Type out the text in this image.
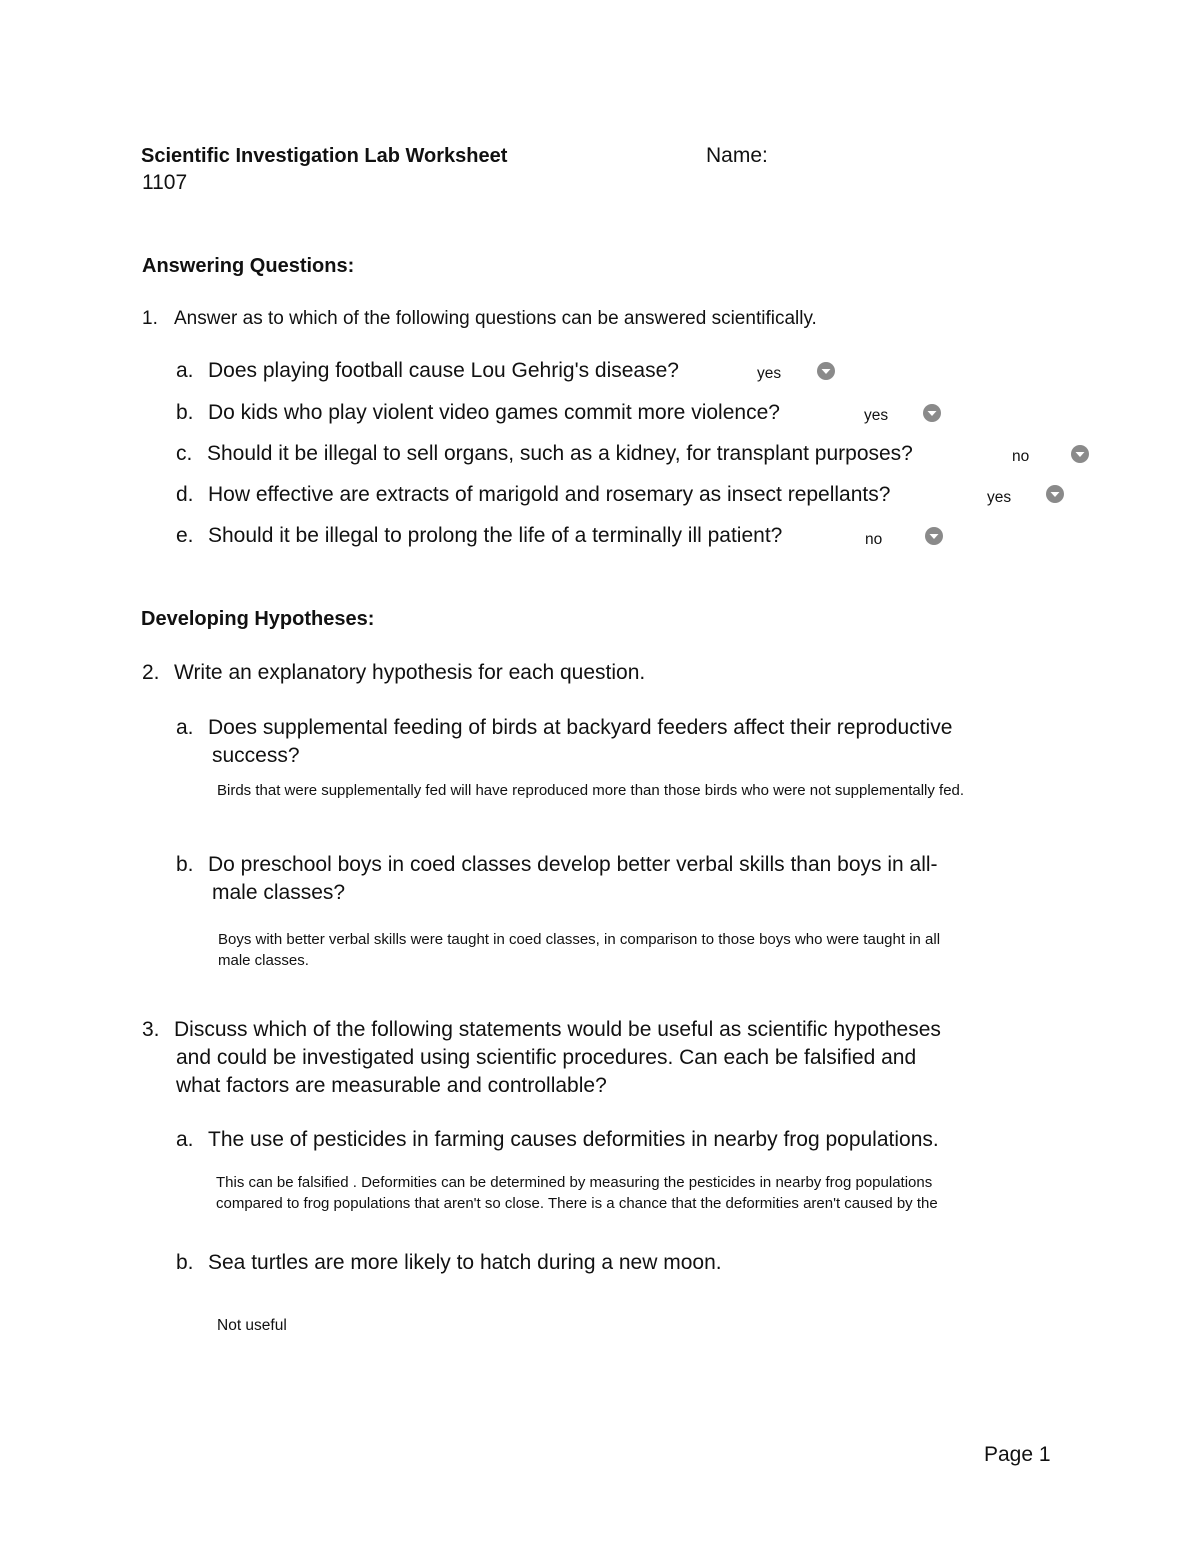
Scientific Investigation Lab Worksheet	Name:
1107
Answering Questions:
1. Answer as to which of the following questions can be answered scientifically.
a. Does playing football cause Lou Gehrig's disease?	yes
b. Do kids who play violent video games commit more violence?	yes
c. Should it be illegal to sell organs, such as a kidney, for transplant purposes?	no
d. How effective are extracts of marigold and rosemary as insect repellants?	yes
e. Should it be illegal to prolong the life of a terminally ill patient?	no
Developing Hypotheses:
2. Write an explanatory hypothesis for each question.
a. Does supplemental feeding of birds at backyard feeders affect their reproductive
success?
Birds that were supplementally fed will have reproduced more than those birds who were not supplementally fed.
b. Do preschool boys in coed classes develop better verbal skills than boys in all-
male classes?
Boys with better verbal skills were taught in coed classes, in comparison to those boys who were taught in all
male classes.
3. Discuss which of the following statements would be useful as scientific hypotheses
and could be investigated using scientific procedures. Can each be falsified and
what factors are measurable and controllable?
a. The use of pesticides in farming causes deformities in nearby frog populations.
This can be falsified . Deformities can be determined by measuring the pesticides in nearby frog populations
compared to frog populations that aren't so close. There is a chance that the deformities aren't caused by the
b. Sea turtles are more likely to hatch during a new moon.
Not useful
Page 1
